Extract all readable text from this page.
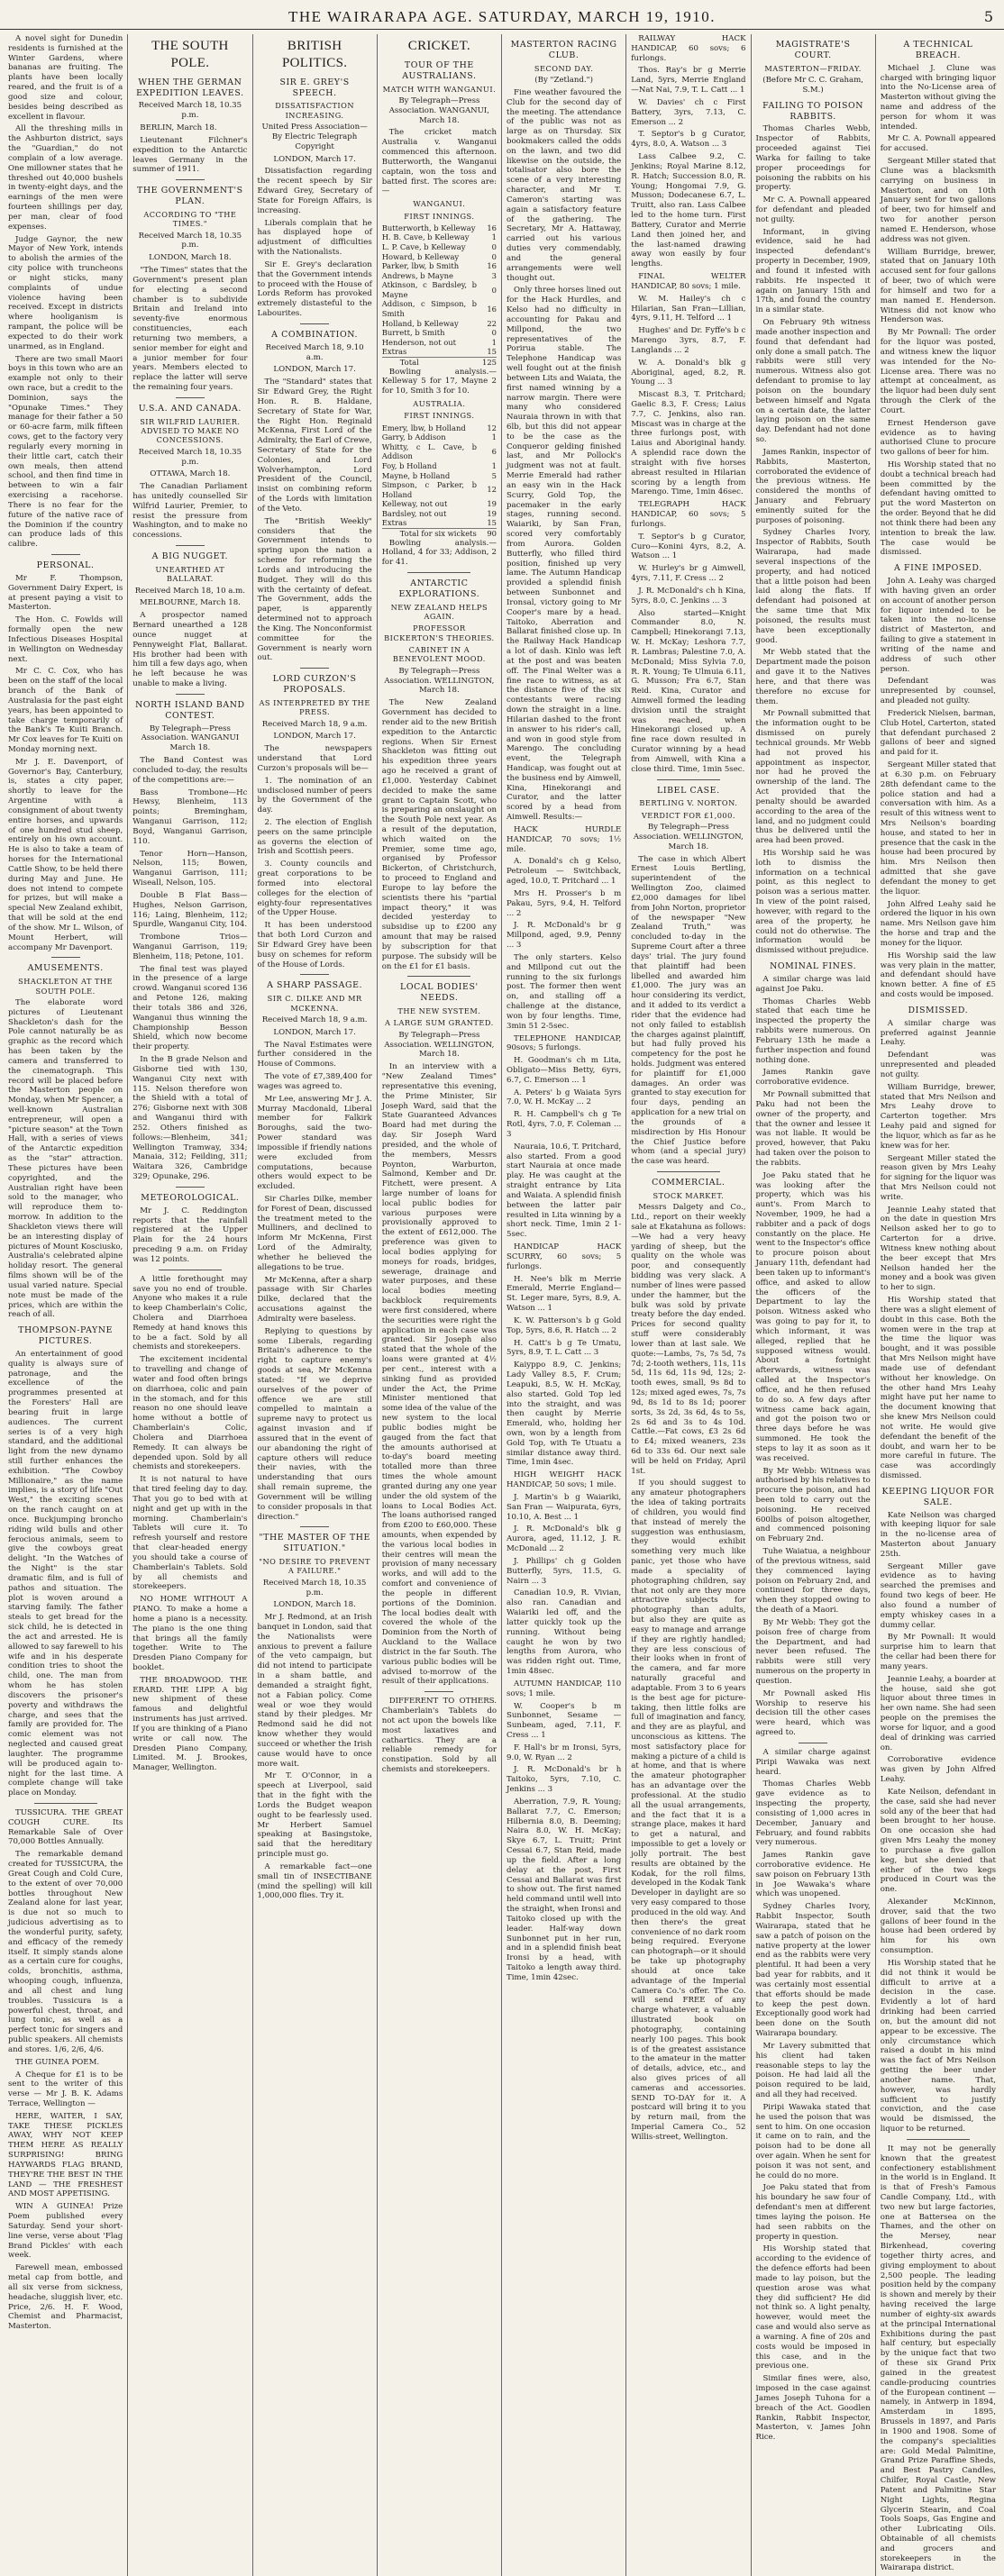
THE WAIRARAPA AGE. SATURDAY, MARCH 19, 1910.	5

A novel sight for Dunedin residents is furnished at the Winter Gardens, where bananas are fruiting. The plants have been locally reared, and the fruit is of a good size and colour, besides being described as excellent in flavour.

All the threshing mills in the Ashburton district, says the "Guardian," do not complain of a low average. One millowner states that he threshed out 40,000 bushels in twenty-eight days, and the earnings of the men were fourteen shillings per day, per man, clear of food expenses.

Judge Gaynor, the new Mayor of New York, intends to abolish the armies of the city police with truncheons or night sticks, many complaints of undue violence having been received. Except in districts where hooliganism is rampant, the police will be expected to do their work unarmed, as in England.

There are two small Maori boys in this town who are an example not only to their own race, but a credit to the Dominion, says the "Opunake Times." They manage for their father a 50 or 60-acre farm, milk fifteen cows, get to the factory very regularly every morning in their little cart, catch their own meals, then attend school, and then find time in between to win a fair exercising a racehorse. There is no fear for the future of the native race of the Dominion if the country can produce lads of this calibre.

PERSONAL.

Mr F. Thompson, Government Dairy Expert, is at present paying a visit to Masterton.

The Hon. C. Fowlds will formally open the new Infectious Diseases Hospital in Wellington on Wednesday next.

Mr C. C. Cox, who has been on the staff of the local branch of the Bank of Australasia for the past eight years, has been appointed to take charge temporarily of the Bank's Te Kuiti Branch. Mr Cox leaves for Te Kuiti on Monday morning next.

Mr J. E. Davenport, of Governor's Bay, Canterbury, is, states a city paper, shortly to leave for the Argentine with a consignment of about twenty entire horses, and upwards of one hundred stud sheep, entirely on his own account. He is also to take a team of horses for the International Cattle Show, to be held there during May and June. He does not intend to compete for prizes, but will make a special New Zealand exhibit, that will be sold at the end of the show. Mr L. Wilson, of Mount Herbert, will accompany Mr Davenport.

AMUSEMENTS.
SHACKLETON AT THE SOUTH POLE.

The elaborate word pictures of Lieutenant Shackleton's dash for the Pole cannot naturally be as graphic as the record which has been taken by the camera and transferred to the cinematograph. This record will be placed before the Masterton people on Monday, when Mr Spencer, a well-known Australian entrepreneur, will open a "picture season" at the Town Hall, with a series of views of the Antarctic expedition as the "star" attraction. These pictures have been copyrighted, and the Australian right have been sold to the manager, who will reproduce them to-morrow. In addition to the Shackleton views there will be an interesting display of pictures of Mount Kosciusko, Australia's celebrated alpine holiday resort. The general films shown will be of the usual varied nature. Special note must be made of the prices, which are within the reach of all.

THOMPSON-PAYNE PICTURES.

An entertainment of good quality is always sure of patronage, and the excellence of the programmes presented at the Foresters' Hall are bearing fruit in large audiences. The current series is of a very high standard, and the additional light from the new dynamo still further enhances the exhibition. "The Cowboy Millionaire," as the name implies, is a story of life "Out West," the exciting scenes on the ranch caught on at once. Buckjumping broncho riding wild bulls and other ferocious animals, seem to give the cowboys great delight. "In the Watches of the Night" is the star dramatic film, and is full of pathos and situation. The plot is woven around a starving family. The father steals to get bread for the sick child, he is detected in the act and arrested. He is allowed to say farewell to his wife and in his desperate condition tries to shoot the child, one. The man from whom he has stolen discovers the prisoner's poverty and withdraws the charge, and sees that the family are provided for. The comic element was not neglected and caused great laughter. The programme will be produced again to-night for the last time. A complete change will take place on Monday.

TUSSICURA. THE GREAT COUGH CURE. Its Remarkable Sale of Over 70,000 Bottles Annually.

The remarkable demand created for TUSSICURA, the Great Cough and Cold Cure, to the extent of over 70,000 bottles throughout New Zealand alone for last year, is due not so much to judicious advertising as to the wonderful purity, safety, and efficacy of the remedy itself. It simply stands alone as a certain cure for coughs, colds, bronchitis, asthma, whooping cough, influenza, and all chest and lung troubles. Tussicura is a powerful chest, throat, and lung tonic, as well as a perfect tonic for singers and public speakers. All chemists and stores. 1/6, 2/6, 4/6.

THE GUINEA POEM.

A Cheque for £1 is to be sent to the writer of this verse — Mr J. B. K. Adams Terrace, Wellington —

HERE, WAITER, I SAY, TAKE THESE PICKLES AWAY, WHY NOT KEEP THEM HERE AS REALLY SURPRISING! BRING HAYWARDS FLAG BRAND, THEY'RE THE BEST IN THE LAND — THE FRESHEST AND MOST APPETISING.

WIN A GUINEA! Prize Poem published every Saturday. Send your short-line verse, verse about 'Flag Brand Pickles' with each week.

Farewell mean, embossed metal cap from bottle, and all six verse from sickness, headache, sluggish liver, etc. Price, 2/6. H. F. Wood, Chemist and Pharmacist, Masterton.

THE SOUTH POLE.
WHEN THE GERMAN EXPEDITION LEAVES.

Received March 18, 10.35 p.m.

BERLIN, March 18.

Lieutenant Filchner's expedition to the Antarctic leaves Germany in the summer of 1911.

THE GOVERNMENT'S PLAN.
ACCORDING TO "THE TIMES."

Received March 18, 10.35 p.m.

LONDON, March 18.

"The Times" states that the Government's present plan for electing a second chamber is to subdivide Britain and Ireland into seventy-five enormous constituencies, each returning two members, a senior member for eight and a junior member for four years. Members elected to replace the latter will serve the remaining four years.

U.S.A. AND CANADA.
SIR WILFRID LAURIER. ADVISED TO MAKE NO CONCESSIONS.

Received March 18, 10.35 p.m.

OTTAWA, March 18.

The Canadian Parliament has unitedly counselled Sir Wilfrid Laurier, Premier, to resist the pressure from Washington, and to make no concessions.

A BIG NUGGET.
UNEARTHED AT BALLARAT.

Received March 18, 10 a.m.

MELBOURNE, March 18.

A prospector named Bernard unearthed a 128 ounce nugget at Pennyweight Flat, Ballarat. His brother had been with him till a few days ago, when he left because he was unable to make a living.

NORTH ISLAND BAND CONTEST.

By Telegraph—Press Association. WANGANUI March 18.

The Band Contest was concluded to-day, the results of the competitions are:—

Bass Trombone—Hc Hewsy, Blenheim, 113 points; Bremingham, Wanganui Garrison, 112; Boyd, Wanganui Garrison, 110.

Tenor Horn—Hanson, Nelson, 115; Bowen, Wanganui Garrison, 111; Wiseall, Nelson, 105.

Double B Flat Bass—Hughes, Nelson Garrison, 116; Laing, Blenheim, 112; Spurdle, Wanganui City, 104.

Trombone Trios—Wanganui Garrison, 119; Blenheim, 118; Petone, 101.

The final test was played in the presence of a large crowd. Wanganui scored 136 and Petone 126, making their totals 386 and 326, Wanganui thus winning the Championship Besson Shield, which now become their property.

In the B grade Nelson and Gisborne tied with 130, Wanganui City next with 115. Nelson therefore won the Shield with a total of 276; Gisborne next with 308 and Wanganui third with 252. Others finished as follows:—Blenheim, 341; Wellington Tramway, 334; Manaia, 312; Feilding, 311; Waitara 326, Cambridge 329; Opunake, 296.

METEOROLOGICAL.

Mr J. C. Reddington reports that the rainfall registered at the Upper Plain for the 24 hours preceding 9 a.m. on Friday was 12 points.

A little forethought may save you no end of trouble. Anyone who makes it a rule to keep Chamberlain's Colic, Cholera and Diarrhoea Remedy at hand knows this to be a fact. Sold by all chemists and storekeepers.

The excitement incidental to travelling and change of water and food often brings on diarrhoea, colic and pain in the stomach, and for this reason no one should leave home without a bottle of Chamberlain's Colic, Cholera and Diarrhoea Remedy. It can always be depended upon. Sold by all chemists and storekeepers.

It is not natural to have that tired feeling day to day. That you go to bed with at night and get up with in the morning. Chamberlain's Tablets will cure it. To refresh yourself and restore that clear-headed energy you should take a course of Chamberlain's Tablets. Sold by all chemists and storekeepers.

NO HOME WITHOUT A PIANO. To make a home a home a piano is a necessity. The piano is the one thing that brings all the family together. Write to The Dresden Piano Company for booklet.

THE BROADWOOD. THE ERARD. THE LIPP. A big new shipment of these famous and delightful instruments has just arrived. If you are thinking of a Piano write or call now. The Dresden Piano Company, Limited. M. J. Brookes, Manager, Wellington.

BRITISH POLITICS.
SIR E. GREY'S SPEECH.
DISSATISFACTION INCREASING.

United Press Association—By Electric Telegraph Copyright

LONDON, March 17.

Dissatisfaction regarding the recent speech by Sir Edward Grey, Secretary of State for Foreign Affairs, is increasing.

Liberals complain that he has displayed hope of adjustment of difficulties with the Nationalists.

Sir E. Grey's declaration that the Government intends to proceed with the House of Lords Reform has provoked extremely distasteful to the Labourites.

A COMBINATION.

Received March 18, 9.10 a.m.

LONDON, March 17.

The "Standard" states that Sir Edward Grey, the Right Hon. R. B. Haldane, Secretary of State for War, the Right Hon. Reginald McKenna, First Lord of the Admiralty, the Earl of Crewe, Secretary of State for the Colonies, and Lord Wolverhampton, Lord President of the Council, insist on combining reform of the Lords with limitation of the Veto.

The "British Weekly" considers that the Government intends to spring upon the nation a scheme for reforming the Lords and introducing the Budget. They will do this with the certainty of defeat. The Government, adds the paper, is apparently determined not to approach the King. The Nonconformist committee for the Government is nearly worn out.

LORD CURZON'S PROPOSALS.
AS INTERPRETED BY THE PRESS.

Received March 18, 9 a.m.

LONDON, March 17.

The newspapers understand that Lord Curzon's proposals will be—

1. The nomination of an undisclosed number of peers by the Government of the day.

2. The election of English peers on the same principle as governs the election of Irish and Scottish peers.

3. County councils and great corporations to be formed into electoral colleges for the election of eighty-four representatives of the Upper House.

It has been understood that both Lord Curzon and Sir Edward Grey have been busy on schemes for reform of the House of Lords.

A SHARP PASSAGE.
SIR C. DILKE AND MR MCKENNA.

Received March 18, 9 a.m.

LONDON, March 17.

The Naval Estimates were further considered in the House of Commons.

The vote of £7,389,400 for wages was agreed to.

Mr Lee, answering Mr J. A. Murray Macdonald, Liberal member for Falkirk Boroughs, said the two-Power standard was impossible if friendly nations were excluded from computations, because others would expect to be excluded.

Sir Charles Dilke, member for Forest of Dean, discussed the treatment meted to the Mulliners, and declined to inform Mr McKenna, First Lord of the Admiralty, whether he believed the allegations to be true.

Mr McKenna, after a sharp passage with Sir Charles Dilke, declared that the accusations against the Admiralty were baseless.

Replying to questions by some Liberals, regarding Britain's adherence to the right to capture enemy's goods at sea, Mr McKenna stated: "If we deprive ourselves of the power of offence we are still compelled to maintain a supreme navy to protect us against invasion and if assured that in the event of our abandoning the right of capture others will reduce their navies, with the understanding that ours shall remain supreme, the Government will be willing to consider proposals in that direction."

"THE MASTER OF THE SITUATION."
"NO DESIRE TO PREVENT A FAILURE."

Received March 18, 10.35 p.m.

LONDON, March 18.

Mr J. Redmond, at an Irish banquet in London, said that the Nationalists were anxious to prevent a failure of the veto campaign, but did not intend to participate in a sham battle, and demanded a straight fight, not a Fabian policy. Come weal or woe they would stand by their pledges. Mr Redmond said he did not know whether they would succeed or whether the Irish cause would have to once more wait.

Mr T. O'Connor, in a speech at Liverpool, said that in the fight with the Lords the Budget weapon ought to be fearlessly used. Mr Herbert Samuel speaking at Basingstoke, said that the hereditary principle must go.

A remarkable fact—one small tin of INSECTIBANE (mind the spelling) will kill 1,000,000 flies. Try it.

CRICKET.
TOUR OF THE AUSTRALIANS.
MATCH WITH WANGANUI.

By Telegraph—Press Association. WANGANUI, March 18.

The cricket match Australia v. Wanganui commenced this afternoon. Butterworth, the Wanganui captain, won the toss and batted first. The scores are:—

WANGANUI.
FIRST INNINGS.
Butterworth, b Kelleway	16
H. B. Cave, b Kelleway	1
L. P. Cave, b Kelleway	0
Howard, b Kelleway	0
Parker, lbw, b Smith	16
Andrews, b Mayne	3
Atkinson, c Bardsley, b Mayne	0
Addison, c Simpson, b Smith	16
Holland, b Kelleway	22
Burrett, b Smith	0
Henderson, not out	1
Extras	15
Total	125

Bowling analysis.—Kelleway 5 for 17, Mayne 2 for 10, Smith 3 for 10.

AUSTRALIA.
FIRST INNINGS.
Emery, lbw, b Holland	12
Garry, b Addison	1
Whitty, c L. Cave, b Addison	6
Foy, b Holland	1
Mayne, b Holland	5
Simpson, c Parker, b Holland	12
Kelleway, not out	19
Bardsley, not out	19
Extras	15
Total for six wickets	90

Bowling analysis.—Holland, 4 for 33; Addison, 2 for 41.

ANTARCTIC EXPLORATIONS.
NEW ZEALAND HELPS AGAIN.
PROFESSOR BICKERTON'S THEORIES.
CABINET IN A BENEVOLENT MOOD.

By Telegraph—Press Association. WELLINGTON, March 18.

The New Zealand Government has decided to render aid to the new British expedition to the Antarctic regions. When Sir Ernest Shackleton was fitting out his expedition three years ago he received a grant of £1,000. Yesterday Cabinet decided to make the same grant to Captain Scott, who is preparing an onslaught on the South Pole next year. As a result of the deputation, which waited on the Premier, some time ago, organised by Professor Bickerton, of Christchurch, to proceed to England and Europe to lay before the scientists there his "partial impact theory," it was decided yesterday to subsidise up to £200 any amount that may be raised by subscription for that purpose. The subsidy will be on the £1 for £1 basis.

LOCAL BODIES' NEEDS.
THE NEW SYSTEM.
A LARGE SUM GRANTED.

By Telegraph—Press Association. WELLINGTON, March 18.

In an interview with a "New Zealand Times" representative this evening, the Prime Minister, Sir Joseph Ward, said that the State Guaranteed Advances Board had met during the day. Sir Joseph Ward presided, and the whole of the members, Messrs Poynton, Warburton, Salmond, Kember and Dr. Fitchett, were present. A large number of loans for local public bodies for various purposes were provisionally approved to the extent of £612,000. The preference was given to local bodies applying for moneys for roads, bridges, sewerage, drainage and water purposes, and these local bodies meeting backblock requirements were first considered, where the securities were right the application in each case was granted. Sir Joseph also stated that the whole of the loans were granted at 4½ per cent., interest with a sinking fund as provided under the Act, the Prime Minister mentioned that some idea of the value of the new system to the local public bodies might be gauged from the fact that the amounts authorised at to-day's board meeting totalled more than three times the whole amount granted during any one year under the old system of the loans to Local Bodies Act. The loans authorised ranged from £200 to £60,000. These amounts, when expended by the various local bodies in their centres will mean the provision of many necessary works, and will add to the comfort and convenience of the people in different portions of the Dominion. The local bodies dealt with covered the whole of the Dominion from the North of Auckland to the Wallace district in the far South. The various public bodies will be advised to-morrow of the result of their applications.

DIFFERENT TO OTHERS. Chamberlain's Tablets do not act upon the bowels like most laxatives and cathartics. They are a reliable remedy for constipation. Sold by all chemists and storekeepers.

MASTERTON RACING CLUB.
SECOND DAY.

(By "Zetland.")

Fine weather favoured the Club for the second day of the meeting. The attendance of the public was not as large as on Thursday. Six bookmakers called the odds on the lawn, and two did likewise on the outside, the totalisator also bore the scene of a very interesting character, and Mr T. Cameron's starting was again a satisfactory feature of the gathering. The Secretary, Mr A. Hattaway, carried out his various duties very commendably, and the general arrangements were well thought out.

Only three horses lined out for the Hack Hurdles, and Kelso had no difficulty in accounting for Pakau and Millpond, the two representatives of the Porirua stable. The Telephone Handicap was well fought out at the finish between Lits and Waiata, the first named winning by a narrow margin. There were many who considered Nauraia thrown in with that 6lb, but this did not appear to be the case as the Conqueror gelding finished last, and Mr Pollock's judgment was not at fault. Merrie Emerald had rather an easy win in the Hack Scurry, Gold Top, the pacemaker in the early stages, running second. Waiariki, by San Fran, scored very comfortably from Aurora. Golden Butterfly, who filled third position, finished up very lame. The Autumn Handicap provided a splendid finish between Sunbonnet and Ironsal, victory going to Mr Cooper's mare by a head. Taitoko, Aberration and Ballarat finished close up. In the Railway Hack Handicap a lot of dash. Kinlo was left at the post and was beaten off. The Final Welter was a fine race to witness, as at the distance five of the six contestants were racing down the straight in a line. Hilarian dashed to the front in answer to his rider's call, and won in good style from Marengo. The concluding event, the Telegraph Handicap, was fought out at the business end by Aimwell, Kina, Hinekorangi and Curator, and the latter scored by a head from Aimwell. Results:—

HACK HURDLE HANDICAP, 70 sovs; 1½ mile.

A. Donald's ch g Kelso, Petroleum — Switchback, aged, 10.0, T. Pritchard ... 1

Mrs H. Prosser's b m Pakau, 5yrs, 9.4, H. Telford ... 2

J. R. McDonald's br g Millpond, aged, 9.9, Penny ... 3

The only starters. Kelso and Millpond cut out the running to the six furlongs post. The former then went on, and stalling off a challenge at the distance, won by four lengths. Time, 3min 51 2-5sec.

TELEPHONE HANDICAP, 90sovs; 5 furlongs.

H. Goodman's ch m Lita, Obligato—Miss Betty, 6yrs, 6.7, C. Emerson ... 1

A. Peters' b g Waiata 5yrs 7.0, W. H. McKay ... 2

R. H. Campbell's ch g Te Rotl, 4yrs, 7.0, F. Coleman ... 3

Nauraia, 10.6, T. Pritchard, also started. From a good start Nauraia at once made play. He was caught at the straight entrance by Lita and Waiata. A splendid finish between the latter pair resulted in Lita winning by a short neck. Time, 1min 2 1-5sec.

HANDICAP HACK SCURRY, 60 sovs; 5 furlongs.

H. Nee's blk m Merrie Emerald, Merrie England—St. Leger mare, 5yrs, 8.9, A. Watson ... 1

K. W. Patterson's b g Gold Top, 5yrs, 8.6, R. Hatch ... 2

H. Catt's b g Te Umatu, 5yrs, 8.9, T. L. Catt ... 3

Kaiyppo 8.9, C. Jenkins; Lady Valley 8.5, F. Crum; Leapuki, 8.5, W. H. McKay, also started. Gold Top led into the straight, and was then caught by Merrie Emerald, who, holding her own, won by a length from Gold Top, with Te Utuatu a similar distance away third. Time, 1min 4sec.

HIGH WEIGHT HACK HANDICAP, 50 sovs; 1 mile.

J. Martin's b g Waiariki, San Fran — Waipurata, 6yrs, 10.10, A. Best ... 1

J. R. McDonald's blk g Aurora, aged, 11.12, J. R. McDonald ... 2

J. Phillips' ch g Golden Butterfly, 5yrs, 11.5, G. Nairn ... 3

Canadian 10.9, R. Vivian, also ran. Canadian and Waiariki led off, and the latter quickly took up the running. Without being caught he won by two lengths from Aurora, who was ridden right out. Time, 1min 48sec.

AUTUMN HANDICAP, 110 sovs; 1 mile.

W. Cooper's b m Sunbonnet, Sesame — Sunbeam, aged, 7.11, F. Cress ... 1

F. Hall's br m Ironsi, 5yrs, 9.0, W. Ryan ... 2

J. R. McDonald's br h Taitoko, 5yrs, 7.10, C. Jenkins ... 3

Aberration, 7.9, R. Young; Ballarat 7.7, C. Emerson; Hilbernia 8.0, B. Deeming; Naira 8.0, W. H. McKay; Skye 6.7, L. Truitt; Print Cessai 6.7, Stan Reid, made up the field. After a long delay at the post, First Cessai and Ballarat was first to show out. The first named held command until well into the straight, when Ironsi and Taitoko closed up with the leader. Half-way down Sunbonnet put in her run, and in a splendid finish beat Ironsi by a head, with Taitoko a length away third. Time, 1min 42sec.

RAILWAY HACK HANDICAP, 60 sovs; 6 furlongs.

Thos. Ray's br g Merrie Land, 5yrs, Merrie England—Nat Nai, 7.9, T. L. Catt ... 1

W. Davies' ch c First Battery, 3yrs, 7.13, C. Emerson ... 2

T. Septor's b g Curator, 4yrs, 8.0, A. Watson ... 3

Lass Calbee 9.2, C. Jenkins; Royal Marine 8.12, R. Hatch; Succession 8.0, R. Young; Hongomai 7.9, G. Musson; Dodecanese 6.7, L. Truitt, also ran. Lass Calbee led to the home turn. First Battery, Curator and Merrie Land then joined her, and the last-named drawing away won easily by four lengths.

FINAL WELTER HANDICAP, 80 sovs; 1 mile.

W. M. Hailey's ch c Hilarian, San Fran—Lillian, 4yrs, 9.11, H. Telford ... 1

Hughes' and Dr. Fyffe's b c Marengo 3yrs, 8.7, F. Langlands ... 2

W. A. Donald's blk g Aboriginal, aged, 8.2, R. Young ... 3

Miscast 8.3, T. Pritchard; Gaelic 8.3, F. Cress; Laius 7.7, C. Jenkins, also ran. Miscast was in charge at the three furlongs post, with Laius and Aboriginal handy. A splendid race down the straight with five horses abreast resulted in Hilarian scoring by a length from Marengo. Time, 1min 46sec.

TELEGRAPH HACK HANDICAP, 60 sovs; 5 furlongs.

T. Septor's b g Curator, Curo—Konini 4yrs, 8.2, A. Watson ... 1

W. Hurley's br g Aimwell, 4yrs, 7.11, F. Cress ... 2

J. R. McDonald's ch h Kina, 5yrs, 8.0, C. Jenkins ... 3

Also started—Knight Commander 8.0, N. Campbell; Hinekorangi 7.13, W. H. McKay; Leshora 7.7, R. Lambras; Palestine 7.0, A. McDonald; Miss Sylvia 7.0, R. R. Young; Te Ulmuia 6.11, G. Musson; Fra 6.7, Stan Reid. Kina, Curator and Aimwell formed the leading division until the straight was reached, when Hinekorangi closed up. A fine race down resulted in Curator winning by a head from Aimwell, with Kina a close third. Time, 1min 5sec.

LIBEL CASE.
BERTLING V. NORTON.
VERDICT FOR £1,000.

By Telegraph—Press Association. WELLINGTON, March 18.

The case in which Albert Ernest Louis Bertling, superintendent of the Wellington Zoo, claimed £2,000 damages for libel from John Norton, proprietor of the newspaper "New Zealand Truth," was concluded to-day in the Supreme Court after a three days' trial. The jury found that plaintiff had been libelled and awarded him £1,000. The jury was an hour considering its verdict, and it added to its verdict a rider that the evidence had not only failed to establish the charges against plaintiff, but had fully proved his competency for the post he holds. Judgment was entered for plaintiff for £1,000 damages. An order was granted to stay execution for four days, pending an application for a new trial on the grounds of a misdirection by His Honour the Chief Justice before whom (and a special jury) the case was heard.

COMMERCIAL.
STOCK MARKET.

Messrs Dalgety and Co., Ltd., report on their weekly sale at Ekatahuna as follows:—We had a very heavy yarding of sheep, but the quality on the whole was poor, and consequently bidding was very slack. A number of lines were passed under the hammer, but the bulk was sold by private treaty before the day ended. Prices for second quality stuff were considerably lower than at last sale. We quote:—Lambs, 7s, 7s 5d, 7s 7d; 2-tooth wethers, 11s, 11s 5d, 11s 6d, 11s 9d, 12s; 2-tooth ewes, small, 9s 8d to 12s; mixed aged ewes, 7s, 7s 9d, 8s 1d to 8s 1d; poorer sorts, 3s 2d, 3s 6d, 4s to 5s, 2s 6d and 3s to 4s 10d. Cattle.—Fat cows, £3 2s 6d to £4; mixed weaners, 23s 6d to 33s 6d. Our next sale will be held on Friday, April 1st.

If you should suggest to any amateur photographers the idea of taking portraits of children, you would find that instead of merely the suggestion was enthusiasm, they would exhibit something very much like panic, yet those who have made a speciality of photographing children, say that not only are they more attractive subjects for photography than adults, but also they are quite as easy to manage and arrange if they are rightly handled; they are less conscious of their looks when in front of the camera, and far more naturally graceful and adaptable. From 3 to 6 years is the best age for picture-taking, then little folks are full of imagination and fancy, and they are as playful, and unconscious as kittens. The most satisfactory place for making a picture of a child is at home, and that is where the amateur photographer has an advantage over the professional. At the studio all the usual arrangements, and the fact that it is a strange place, makes it hard to get a natural, and impossible to get a lovely or jolly portrait. The best results are obtained by the Kodak, for the roll films, developed in the Kodak Tank Developer in daylight are so very easy compared to those produced in the old way. And then there's the great convenience of no dark room being required. Everyone can photograph—or it should be take up photography should at once take advantage of the Imperial Camera Co.'s offer. The Co. will send FREE of any charge whatever, a valuable illustrated book on photography, containing nearly 100 pages. This book is of the greatest assistance to the amateur in the matter of details, advice, etc., and also gives prices of all cameras and accessories. SEND TO-DAY for it. A postcard will bring it to you by return mail, from the Imperial Camera Co., 52 Willis-street, Wellington.

MAGISTRATE'S COURT.
MASTERTON—FRIDAY.

(Before Mr C. C. Graham, S.M.)

FAILING TO POISON RABBITS.

Thomas Charles Webb, Inspector of Rabbits, proceeded against Tiei Warka for failing to take proper proceedings for poisoning the rabbits on his property.

Mr C. A. Pownall appeared for defendant and pleaded not guilty.

Informant, in giving evidence, said he had inspected defendant's property in December, 1909, and found it infested with rabbits. He inspected it again on January 15th and 17th, and found the country in a similar state.

On February 9th witness made another inspection and found that defendant had only done a small patch. The rabbits were still very numerous. Witness also got defendant to promise to lay poison on the boundary between himself and Ngata on a certain date, the latter laying poison on the same day. Defendant had not done so.

James Rankin, inspector of Rabbits, Masterton, corroborated the evidence of the previous witness. He considered the months of January and February eminently suited for the purposes of poisoning.

Sydney Charles Ivory, Inspector of Rabbits, South Wairarapa, had made several inspections of the property, and had noticed that a little poison had been laid along the flats. If defendant had poisoned at the same time that Mix poisoned, the results must have been exceptionally good.

Mr Webb stated that the Department made the poison and gave it to the Natives here, and that there was therefore no excuse for them.

Mr Pownall submitted that the information ought to be dismissed on purely technical grounds. Mr Webb had not proved his appointment as inspector, nor had he proved the ownership of the land. The Act provided that the penalty should be awarded according to the area of the land, and no judgment could thus be delivered until the area had been proved.

His Worship said he was loth to dismiss the information on a technical point, as this neglect to poison was a serious matter. In view of the point raised, however, with regard to the area of the property, he could not do otherwise. The information would be dismissed without prejudice.

NOMINAL FINES.

A similar charge was laid against Joe Paku.

Thomas Charles Webb stated that each time he inspected the property the rabbits were numerous. On February 13th he made a further inspection and found nothing done.

James Rankin gave corroborative evidence.

Mr Pownall submitted that Paku had not been the owner of the property, and that the owner and lessee it was not liable. It would be proved, however, that Paku had taken over the poison to the rabbits.

Joe Paku stated that he was looking after the property, which was his aunt's. From March to November, 1909, he had a rabbiter and a pack of dogs constantly on the place. He went to the Inspector's office to procure poison about January 11th, defendant had been taken up to informant's office, and asked to allow the officers of the Department to lay the poison. Witness asked who was going to pay for it, to which informant, it was alleged, replied that he supposed witness would. About a fortnight afterwards, witness was called at the Inspector's office, and he then refused to do so. A few days after witness came back again, and got the poison two or three days before he was summoned. He took the steps to lay it as soon as it was received.

By Mr Webb: Witness was authorised by his relatives to procure the poison, and had been told to carry out the poisoning. He received 600lbs of poison altogether, and commenced poisoning on February 2nd.

Tuhe Waiatua, a neighbour of the previous witness, said they commenced laying poison on February 2nd, and continued for three days, when they stopped owing to the death of a Maori.

By Mr Webb: They got the poison free of charge from the Department, and had never been refused. The rabbits were still very numerous on the property in question.

Mr Pownall asked His Worship to reserve his decision till the other cases were heard, which was agreed to.

A similar charge against Piripi Wawaka was next heard.

Thomas Charles Webb gave evidence as to inspecting the property, consisting of 1,000 acres in December, January and February, and found rabbits very numerous.

James Rankin gave corroborative evidence. He saw poison on February 13th in Joe Wawaka's whare which was unopened.

Sydney Charles Ivory, Rabbit Inspector, South Wairarapa, stated that he saw a patch of poison on the native property at the lower end as the rabbits were very plentiful. It had been a very bad year for rabbits, and it was certainly most essential that efforts should be made to keep the pest down. Exceptionally good work had been done on the South Wairarapa boundary.

Mr Lavery submitted that his client had taken reasonable steps to lay the poison. He had laid all the poison required to be laid, and all they had received.

Piripi Wawaka stated that he used the poison that was sent to him. On one occasion it came on to rain, and the poison had to be done all over again. When he sent for poison it was not sent, and he could do no more.

Joe Paku stated that from his boundary he saw four of defendant's men at different times laying the poison. He had seen rabbits on the property in question.

His Worship stated that according to the evidence of the defence efforts had been made to lay poison, but the question arose was what they did sufficient? He did not think so. A light penalty, however, would meet the case and would also serve as a warning. A fine of 20s and costs would be imposed in this case, and in the previous one.

Similar fines were, also, imposed in the case against James Joseph Tuhona for a breach of the Act. Goodlen Rankin, Rabbit Inspector, Masterton, v. James John Rice.

A TECHNICAL BREACH.

Michael J. Clune was charged with bringing liquor into the No-License area of Masterton without giving the name and address of the person for whom it was intended.

Mr C. A. Pownall appeared for accused.

Sergeant Miller stated that Clune was a blacksmith carrying on business in Masterton, and on 10th January sent for two gallons of beer, two for himself and two for another person named E. Henderson, whose address was not given.

William Burridge, brewer, stated that on January 10th accused sent for four gallons of beer, two of which were for himself and two for a man named E. Henderson. Witness did not know who Henderson was.

By Mr Pownall: The order for the liquor was posted, and witness knew the liquor was intended for the No-License area. There was no attempt at concealment, as the liquor had been duly sent through the Clerk of the Court.

Ernest Henderson gave evidence as to having authorised Clune to procure two gallons of beer for him.

His Worship stated that no doubt a technical breach had been committed by the defendant having omitted to put the word Masterton on the order. Beyond that he did not think there had been any intention to break the law. The case would be dismissed.

A FINE IMPOSED.

John A. Leahy was charged with having given an order on account of another person for liquor intended to be taken into the no-license district of Masterton, and failing to give a statement in writing of the name and address of such other person.

Defendant was unrepresented by counsel, and pleaded not guilty.

Frederick Nielsen, barman, Club Hotel, Carterton, stated that defendant purchased 2 gallons of beer and signed and paid for it.

Sergeant Miller stated that at 6.30 p.m. on February 28th defendant came to the police station and had a conversation with him. As a result of this witness went to Mrs Neilson's boarding house, and stated to her in presence that the cask in the house had been procured by him. Mrs Neilson then admitted that she gave defendant the money to get the liquor.

John Alfred Leahy said he ordered the liquor in his own name. Mrs Neilson gave him the horse and trap and the money for the liquor.

His Worship said the law was very plain in the matter, and defendant should have known better. A fine of £5 and costs would be imposed.

DISMISSED.

A similar charge was preferred against Jeannie Leahy.

Defendant was unrepresented and pleaded not guilty.

William Burridge, brewer, stated that Mrs Neilson and Mrs Leahy drove to Carterton together. Mrs Leahy paid and signed for the liquor, which as far as he knew was for her.

Sergeant Miller stated the reason given by Mrs Leahy for signing for the liquor was that Mrs Neilson could not write.

Jeannie Leahy stated that on the date in question Mrs Neilson asked her to go to Carterton for a drive. Witness knew nothing about the beer except that Mrs Neilson handed her the money and a book was given to her to sign.

His Worship stated that there was a slight element of doubt in this case. Both the women were in the trap at the time the liquor was bought, and it was possible that Mrs Neilson might have made use of defendant without her knowledge. On the other hand Mrs Leahy might have put her name to the document knowing that she knew Mrs Neilson could not write. He would give defendant the benefit of the doubt, and warn her to be more careful in future. The case was accordingly dismissed.

KEEPING LIQUOR FOR SALE.

Kate Neilson was charged with keeping liquor for sale in the no-license area of Masterton about January 25th.

Sergeant Miller gave evidence as to having searched the premises and found two kegs of beer. He also found a number of empty whiskey cases in a dummy cellar.

By Mr Pownall: It would surprise him to learn that the cellar had been there for many years.

Jeannie Leahy, a boarder at the house, said she got liquor about three times in her own name. She had seen people on the premises the worse for liquor, and a good deal of drinking was carried on.

Corroborative evidence was given by John Alfred Leahy.

Kate Neilson, defendant in the case, said she had never sold any of the beer that had been brought to her house. On one occasion she had given Mrs Leahy the money to purchase a five gallon keg, but she denied that either of the two kegs produced in Court was the one.

Alexander McKinnon, drover, said that the two gallons of beer found in the house had been ordered by him for his own consumption.

His Worship stated that he did not think it would be difficult to arrive at a decision in the case. Evidently a lot of hard drinking had been carried on, but the amount did not appear to be excessive. The only circumstance which raised a doubt in his mind was the fact of Mrs Neilson getting the beer under another name. That, however, was hardly sufficient to justify conviction, and the case would be dismissed, the liquor to be returned.

It may not be generally known that the greatest confectionery establishment in the world is in England. It is that of Fresh's Famous Candle Company, Ltd., with two new but large factories, one at Battersea on the Thames, and the other on the Mersey, near Birkenhead, covering together thirty acres, and giving employment to about 2,500 people. The leading position held by the company is shown and merely by their having received the large number of eighty-six awards at the principal International Exhibitions during the past half century, but especially by the unique fact that two of these six Grand Prix gained in the greatest candle-producing countries of the European continent — namely, in Antwerp in 1894, Amsterdam in 1895, Brussels in 1897, and Paris in 1900 and 1908. Some of the company's specialities are: Gold Medal Palmitine, Grand Prize Paraffine Sheds, and Best Pastry Candles, Chilfer, Royal Castle, New Patent and Palmitine Star Night Lights, Regina Glycerin Stearin, and Coal Tools Soaps, Gas Engine and other Lubricating Oils. Obtainable of all chemists and grocers and storekeepers in the Wairarapa district.
